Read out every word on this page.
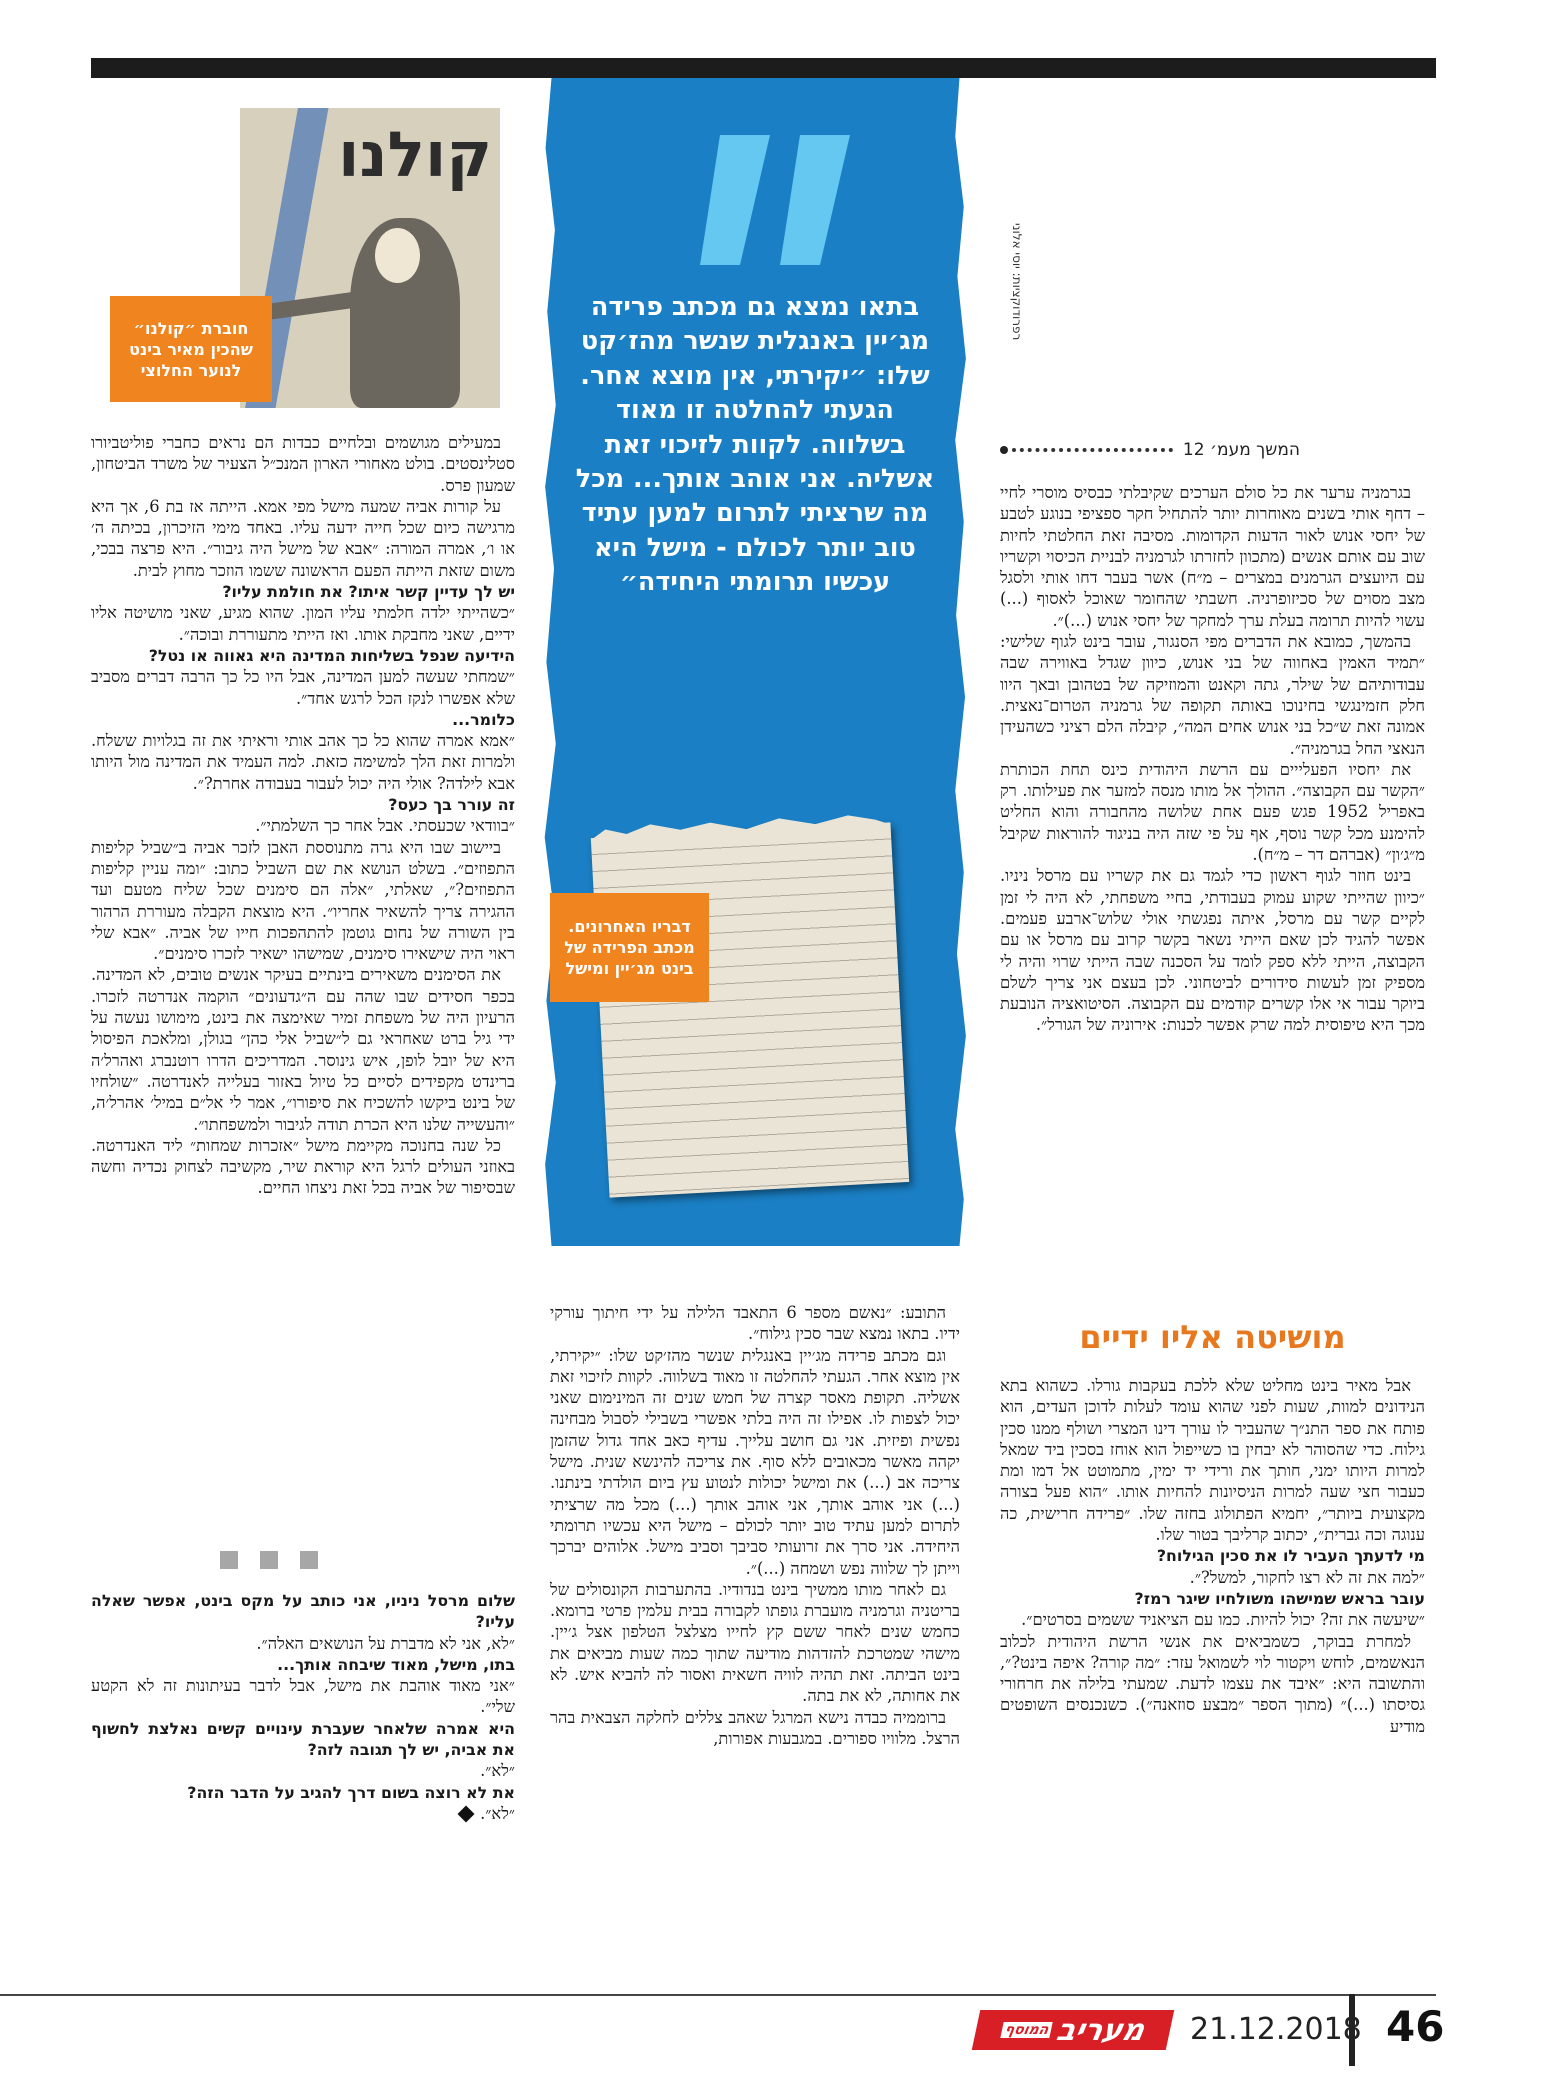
רפרודוקציות: יוסי אלוני
קולנו
חוברת ״קולנו״ שהכין מאיר בינט לנוער החלוצי
בתאו נמצא גם מכתב פרידה מג׳יין באנגלית שנשר מהז׳קט שלו: ״יקירתי, אין מוצא אחר. הגעתי להחלטה זו מאוד בשלווה. לקוות לזיכוי זאת אשליה. אני אוהב אותך... מכל מה שרציתי לתרום למען עתיד טוב יותר לכולם - מישל היא עכשיו תרומתי היחידה״
דבריו האחרונים. מכתב הפרידה של בינט מג׳יין ומישל
המשך מעמ׳ 12

בגרמניה ערער את כל סולם הערכים שקיבלתי כבסיס מוסרי לחיי – דחף אותי בשנים מאוחרות יותר להתחיל חקר ספציפי בנוגע לטבע של יחסי אנוש לאור הדעות הקדומות. מסיבה זאת החלטתי לחיות שוב עם אותם אנשים (מתכוון לחזרתו לגרמניה לבניית הכיסוי וקשריו עם היועצים הגרמנים במצרים – מ״ח) אשר בעבר דחו אותי ולסגל מצב מסוים של סכיזופרניה. חשבתי שהחומר שאוכל לאסוף (...) עשוי להיות תרומה בעלת ערך למחקר של יחסי אנוש (...)״.

בהמשך, כמובא את הדברים מפי הסנגור, עובר בינט לגוף שלישי: ״תמיד האמין באחווה של בני אנוש, כיוון שגדל באווירה שבה עבודותיהם של שילר, גתה וקאנט והמוזיקה של בטהובן ובאך היוו חלק חזמינגשי בחינוכו באותה תקופה של גרמניה הטרום־נאצית. אמונה זאת ש״כל בני אנוש אחים המה״, קיבלה הלם רציני כשהעידן הנאצי החל בגרמניה״.

את יחסיו הפעלייים עם הרשת היהודית כינס תחת הכותרת ״הקשר עם הקבוצה״. ההולך אל מותו מנסה למזער את פעילותו. רק באפריל 1952 פגש פעם אחת שלושה מהחבורה והוא החליט להימנע מכל קשר נוסף, אף על פי שזה היה בניגוד להוראות שקיבל מ״ג׳ון״ (אברהם דר – מ״ח).

בינט חוזר לגוף ראשון כדי לגמד גם את קשריו עם מרסל ניניו. ״כיוון שהייתי שקוע עמוק בעבודתי, בחיי משפחתי, לא היה לי זמן לקיים קשר עם מרסל, איתה נפגשתי אולי שלוש־ארבע פעמים. אפשר להגיד לכן שאם הייתי נשאר בקשר קרוב עם מרסל או עם הקבוצה, הייתי ללא ספק לומד על הסכנה שבה הייתי שרוי והיה לי מספיק זמן לעשות סידורים לביטחוני. לכן בעצם אני צריך לשלם ביוקר עבור אי אלו קשרים קודמים עם הקבוצה. הסיטואציה הנובעת מכך היא טיפוסית למה שרק אפשר לכנות: אירוניה של הגורל״.

מושיטה אליו ידיים

אבל מאיר בינט מחליט שלא ללכת בעקבות גורלו. כשהוא בתא הנידונים למוות, שעות לפני שהוא עומד לעלות לדוכן העדים, הוא פותח את ספר התנ״ך שהעביר לו עורך דינו המצרי ושולף ממנו סכין גילוח. כדי שהסוהר לא יבחין בו כשייפול הוא אוחז בסכין ביד שמאל למרות היותו ימני, חותך את ורידי יד ימין, מתמוטט אל דמו ומת כעבור חצי שעה למרות הניסיונות להחיות אותו. ״הוא פעל בצורה מקצועית ביותר״, יחמיא הפתולוג בחזה שלו. ״פרידה חרישית, כה ענוגה וכה גברית״, יכתוב קרליבך בטור שלו.

מי לדעתך העביר לו את סכין הגילוח?

״למה את זה לא רצו לחקור, למשל?״.

עובר בראש שמישהו משולחיו שיגר רמז?

״שיעשה את זה? יכול להיות. כמו עם הציאניד ששמים בסרטים״.

למחרת בבוקר, כשמביאים את אנשי הרשת היהודית לכלוב הנאשמים, לוחש ויקטור לוי לשמואל עזר: ״מה קורה? איפה בינט?״, והתשובה היא: ״איבד את עצמו לדעת. שמעתי בלילה את חרחורי גסיסתו (...)״ (מתוך הספר ״מבצע סוזאנה״). כשנכנסים השופטים מודיע

התובע: ״נאשם מספר 6 התאבד הלילה על ידי חיתוך עורקי ידיו. בתאו נמצא שבר סכין גילוח״.

וגם מכתב פרידה מג׳יין באנגלית שנשר מהז׳קט שלו: ״יקירתי, אין מוצא אחר. הגעתי להחלטה זו מאוד בשלווה. לקוות לזיכוי זאת אשליה. תקופת מאסר קצרה של חמש שנים זה המינימום שאני יכול לצפות לו. אפילו זה היה בלתי אפשרי בשבילי לסבול מבחינה נפשית ופיזית. אני גם חושב עלייך. עדיף כאב אחד גדול שהזמן יקהה מאשר מכאובים ללא סוף. את צריכה להינשא שנית. מישל צריכה אב (...) את ומישל יכולות לנטוע עץ ביום הולדתי בינתנו. (...) אני אוהב אותך, אני אוהב אותך (...) מכל מה שרציתי לתרום למען עתיד טוב יותר לכולם – מישל היא עכשיו תרומתי היחידה. אני סרך את זרועותי סביבך וסביב מישל. אלוהים יברכך וייתן לך שלווה נפש ושמחה (...)״.

גם לאחר מותו ממשיך בינט בנדודיו. בהתערבות הקונסולים של בריטניה וגרמניה מועברת גופתו לקבורה בבית עלמין פרטי ברומא. כחמש שנים לאחר ששם קץ לחייו מצלצל הטלפון אצל ג׳יין. מישהי שמטרכת להזדהות מודיעה שתוך כמה שעות מביאים את בינט הביתה. זאת תהיה לוויה חשאית ואסור לה להביא איש. לא את אחותה, לא את בתה.

ברוממיה כבדה נישא המרגל שאהב צללים לחלקה הצבאית בהר הרצל. מלוויו ספורים. במגבעות אפורות,

במעילים מגושמים ובלחיים כבדות הם נראים כחברי פוליטביורו סטלינסטים. בולט מאחורי הארון המנכ״ל הצעיר של משרד הביטחון, שמעון פרס.

על קורות אביה שמעה מישל מפי אמא. הייתה אז בת 6, אך היא מרגישה כיום שכל חייה ידעה עליו. באחד מימי הזיכרון, בכיתה ה׳ או ו׳, אמרה המורה: ״אבא של מישל היה גיבור״. היא פרצה בבכי, משום שזאת הייתה הפעם הראשונה ששמו הוזכר מחוץ לבית.

יש לך עדיין קשר איתו? את חולמת עליו?

״כשהייתי ילדה חלמתי עליו המון. שהוא מגיע, שאני מושיטה אליו ידיים, שאני מחבקת אותו. ואז הייתי מתעוררת ובוכה״.

הידיעה שנפל בשליחות המדינה היא גאווה או נטל?

״שמחתי שעשה למען המדינה, אבל היו כל כך הרבה דברים מסביב שלא אפשרו לנקז הכל לרגש אחד״.

כלומר...

״אמא אמרה שהוא כל כך אהב אותי וראיתי את זה בגלויות ששלח. ולמרות זאת הלך למשימה כזאת. למה העמיד את המדינה מול היותו אבא לילדה? אולי היה יכול לעבור בעבודה אחרת?״.

זה עורר בך כעס?

״בוודאי שכעסתי. אבל אחר כך השלמתי״.

ביישוב שבו היא גרה מתנוססת האבן לזכר אביה ב״שביל קליפות התפוזים״. בשלט הנושא את שם השביל כתוב: ״ומה עניין קליפות התפוזים?״, שאלתי, ״אלה הם סימנים שכל שליח מטעם ועד ההגירה צריך להשאיר אחריו״. היא מוצאת הקבלה מעוררת הרהור בין השורה של נחום גוטמן להתהפכות חייו של אביה. ״אבא שלי ראוי היה שישאירו סימנים, שמישהו ישאיר לזכרו סימנים״.

את הסימנים משאירים בינתיים בעיקר אנשים טובים, לא המדינה. בכפר חסידים שבו שהה עם ה״גדעונים״ הוקמה אנדרטה לזכרו. הרעיון היה של משפחת זמיר שאימצה את בינט, מימושו נעשה על ידי גיל ברט שאחראי גם ל״שביל אלי כהן״ בגולן, ומלאכת הפיסול היא של יובל לופן, איש גינוסר. המדריכים הדרו רוטנברג ואהרל׳ה ברינדט מקפידים לסיים כל טיול באזור בעלייה לאנדרטה. ״שולחיו של בינט ביקשו להשכיח את סיפורו״, אמר לי אל״ם במיל׳ אהרל׳ה, ״והעשייה שלנו היא הכרת תודה לגיבור ולמשפחתו״.

כל שנה בחנוכה מקיימת מישל ״אזכרות שמחות״ ליד האנדרטה. באוזני העולים לרגל היא קוראת שיר, מקשיבה לצחוק נכדיה וחשה שבסיפור של אביה בכל זאת ניצחו החיים.

שלום מרסל ניניו, אני כותב על מקס בינט, אפשר שאלה עליו?

״לא, אני לא מדברת על הנושאים האלה״.

בתו, מישל, מאוד שיבחה אותך...

״אני מאוד אוהבת את מישל, אבל לדבר בעיתונות זה לא הקטע שלי״.

היא אמרה שלאחר שעברת עינויים קשים נאלצת לחשוף את אביה, יש לך תגובה לזה?

״לא״.

את לא רוצה בשום דרך להגיב על הדבר הזה?

״לא״.

46
21.12.2018
מעריב
המוסף
